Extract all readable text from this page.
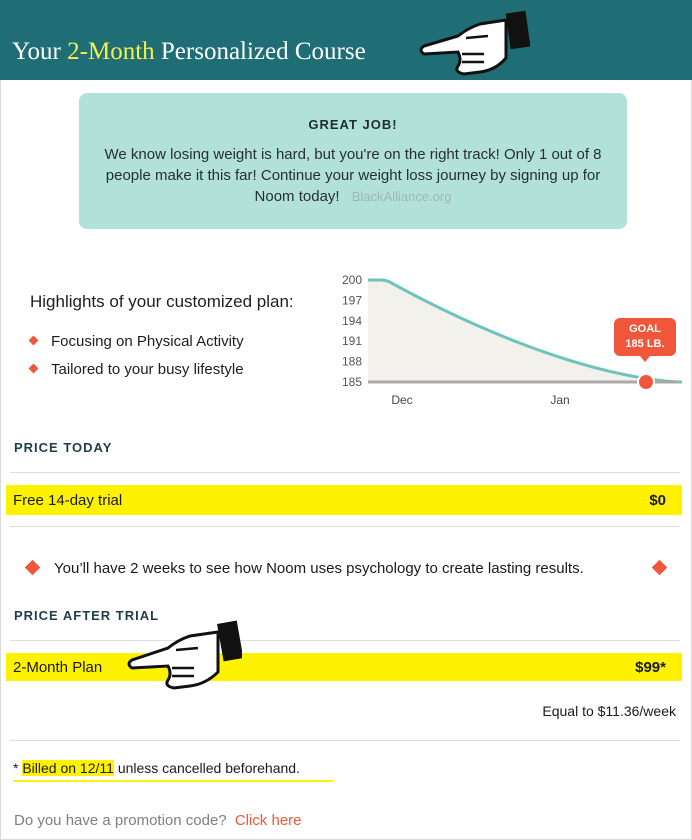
Your 2-Month Personalized Course
GREAT JOB!
We know losing weight is hard, but you're on the right track! Only 1 out of 8 people make it this far! Continue your weight loss journey by signing up for Noom today! BlackAlliance.org
Highlights of your customized plan:
Focusing on Physical Activity
Tailored to your busy lifestyle
200
197
194
191
188
185
Dec	Jan
GOAL
185 LB.
PRICE TODAY
Free 14-day trial	$0
You’ll have 2 weeks to see how Noom uses psychology to create lasting results.
PRICE AFTER TRIAL
2-Month Plan	$99*
Equal to $11.36/week
* Billed on 12/11 unless cancelled beforehand.
Do you have a promotion code? Click here
